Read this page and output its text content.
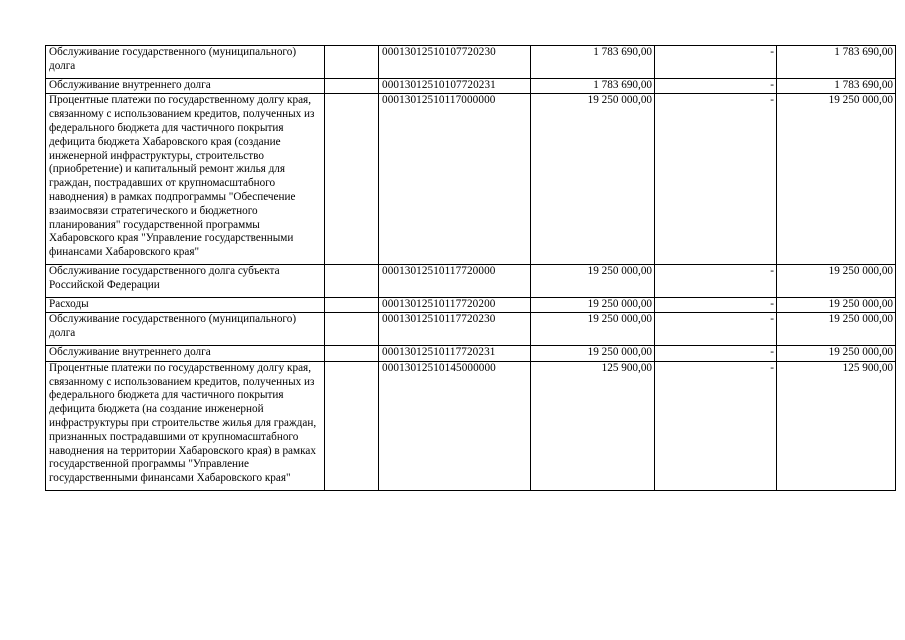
Обслуживание государственного (муниципального) долга		00013012510107720230	1 783 690,00	-	1 783 690,00
Обслуживание внутреннего долга		00013012510107720231	1 783 690,00	-	1 783 690,00
Процентные платежи по государственному долгу края, связанному с использованием кредитов, полученных из федерального бюджета для частичного покрытия дефицита бюджета Хабаровского края (создание инженерной инфраструктуры, строительство (приобретение) и капитальный ремонт жилья для граждан, пострадавших от крупномасштабного наводнения) в рамках подпрограммы "Обеспечение взаимосвязи стратегического и бюджетного планирования" государственной программы Хабаровского края "Управление государственными финансами Хабаровского края"		00013012510117000000	19 250 000,00	-	19 250 000,00
Обслуживание государственного долга субъекта Российской Федерации		00013012510117720000	19 250 000,00	-	19 250 000,00
Расходы		00013012510117720200	19 250 000,00	-	19 250 000,00
Обслуживание государственного (муниципального) долга		00013012510117720230	19 250 000,00	-	19 250 000,00
Обслуживание внутреннего долга		00013012510117720231	19 250 000,00	-	19 250 000,00
Процентные платежи по государственному долгу края, связанному с использованием кредитов, полученных из федерального бюджета для частичного покрытия дефицита бюджета (на создание инженерной инфраструктуры при строительстве жилья для граждан, признанных пострадавшими от крупномасштабного наводнения на территории Хабаровского края) в рамках государственной программы "Управление государственными финансами Хабаровского края"		00013012510145000000	125 900,00	-	125 900,00
